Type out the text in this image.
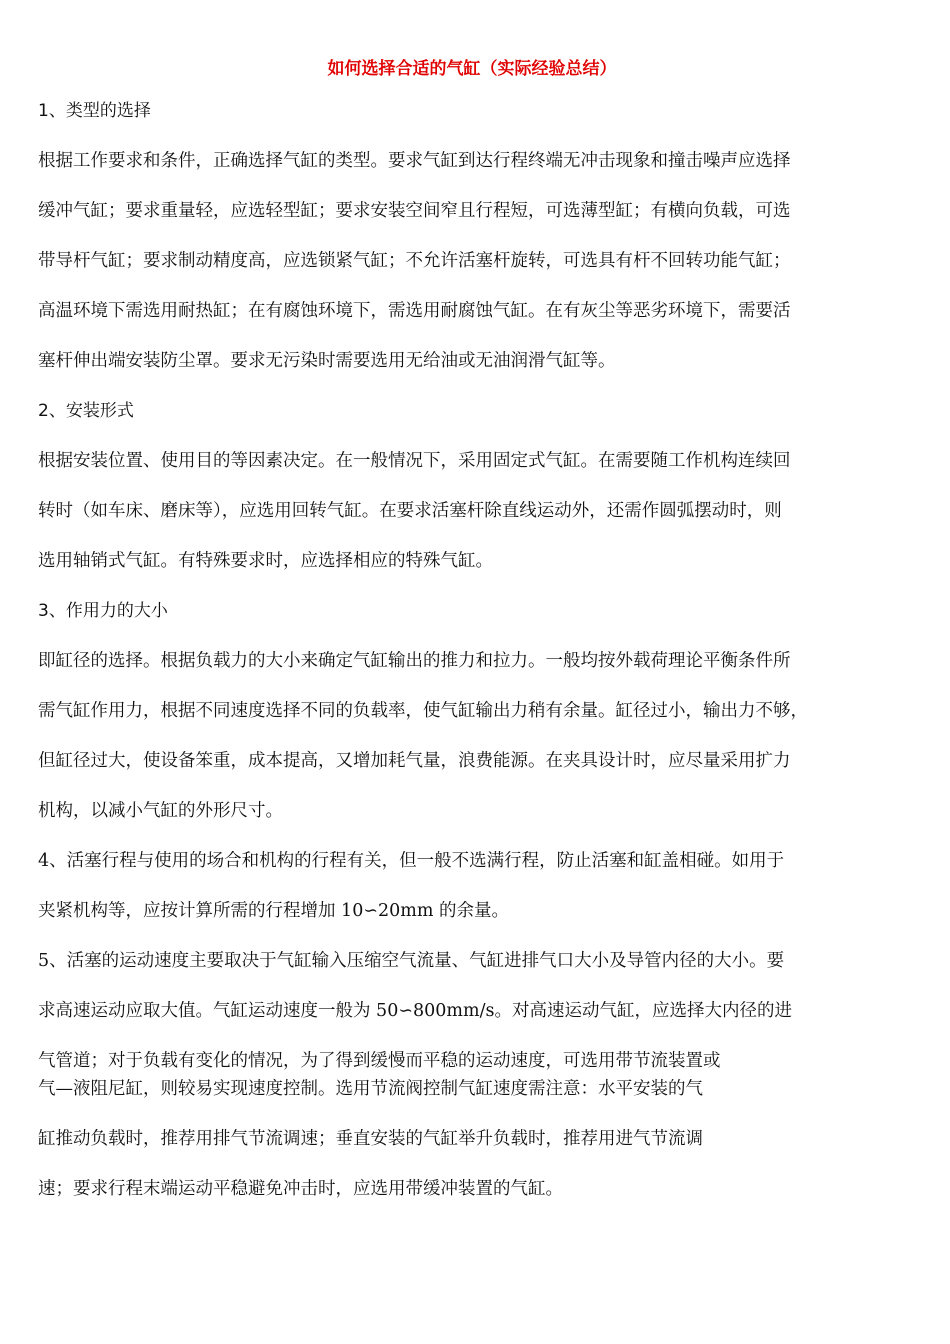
如何选择合适的气缸（实际经验总结）
1、类型的选择
根据工作要求和条件，正确选择气缸的类型。要求气缸到达行程终端无冲击现象和撞击噪声应选择
缓冲气缸；要求重量轻，应选轻型缸；要求安装空间窄且行程短，可选薄型缸；有横向负载，可选
带导杆气缸；要求制动精度高，应选锁紧气缸；不允许活塞杆旋转，可选具有杆不回转功能气缸；
高温环境下需选用耐热缸；在有腐蚀环境下，需选用耐腐蚀气缸。在有灰尘等恶劣环境下，需要活
塞杆伸出端安装防尘罩。要求无污染时需要选用无给油或无油润滑气缸等。
2、安装形式
根据安装位置、使用目的等因素决定。在一般情况下，采用固定式气缸。在需要随工作机构连续回
转时（如车床、磨床等），应选用回转气缸。在要求活塞杆除直线运动外，还需作圆弧摆动时，则
选用轴销式气缸。有特殊要求时，应选择相应的特殊气缸。
3、作用力的大小
即缸径的选择。根据负载力的大小来确定气缸输出的推力和拉力。一般均按外载荷理论平衡条件所
需气缸作用力，根据不同速度选择不同的负载率，使气缸输出力稍有余量。缸径过小，输出力不够，
但缸径过大，使设备笨重，成本提高，又增加耗气量，浪费能源。在夹具设计时，应尽量采用扩力
机构，以减小气缸的外形尺寸。
4、活塞行程与使用的场合和机构的行程有关，但一般不选满行程，防止活塞和缸盖相碰。如用于
夹紧机构等，应按计算所需的行程增加 10∽20mm 的余量。
5、活塞的运动速度主要取决于气缸输入压缩空气流量、气缸进排气口大小及导管内径的大小。要
求高速运动应取大值。气缸运动速度一般为 50∽800mm/s。对高速运动气缸，应选择大内径的进
气管道；对于负载有变化的情况，为了得到缓慢而平稳的运动速度，可选用带节流装置或
气—液阻尼缸，则较易实现速度控制。选用节流阀控制气缸速度需注意：水平安装的气
缸推动负载时，推荐用排气节流调速；垂直安装的气缸举升负载时，推荐用进气节流调
速；要求行程末端运动平稳避免冲击时，应选用带缓冲装置的气缸。
